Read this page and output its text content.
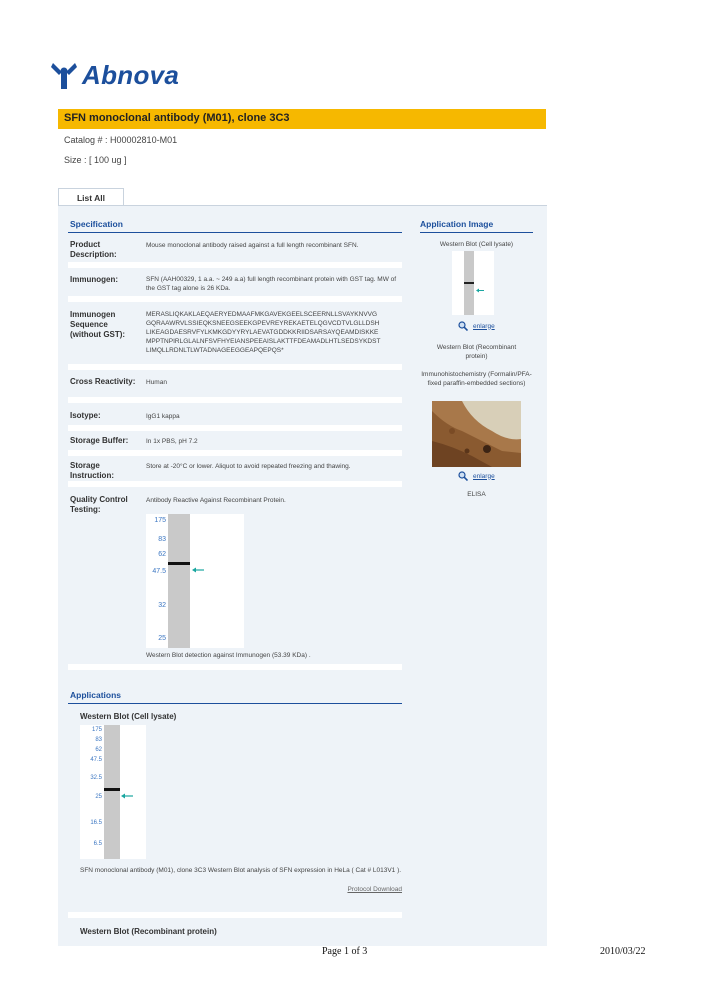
Abnova
SFN monoclonal antibody (M01), clone 3C3
Catalog # : H00002810-M01
Size : [ 100 ug ]
List All
Specification
Product Description:
Mouse monoclonal antibody raised against a full length recombinant SFN.
Immunogen:	SFN (AAH00329, 1 a.a. ~ 249 a.a) full length recombinant protein with GST tag. MW of the GST tag alone is 26 KDa.
Immunogen Sequence (without GST):
MERASLIQKAKLAEQAERYEDMAAFMKGAVEKGEELSCEERNLLSVAYKNVVGGQRAAWRVLSSIEQKSNEEGSEEKGPEVREYREKAETELQGVCDTVLGLLDSHLIKEAGDAESRVFYLKMKGDYYRYLAEVATGDDKKRIIDSARSAYQEAMDISKKEMPPTNPIRLGLALNFSVFHYEIANSPEEAISLAKTTFDEAMADLHTLSEDSYKDSTLIMQLLRDNLTLWTADNAGEEGGEAPQEPQS*
Cross Reactivity:	Human
Isotype:	IgG1 kappa
Storage Buffer:	In 1x PBS, pH 7.2
Storage Instruction:
Store at -20°C or lower. Aliquot to avoid repeated freezing and thawing.
Quality Control Testing:
Antibody Reactive Against Recombinant Protein.
175
83
62
47.5
32
25
Western Blot detection against Immunogen (53.39 KDa) .
Application Image
Western Blot (Cell lysate)
enlarge
Western Blot (Recombinant protein)
Immunohistochemistry (Formalin/PFA-fixed paraffin-embedded sections)
enlarge
ELISA
Applications
Western Blot (Cell lysate)
175
83
62
47.5
32.5
25
16.5
6.5
SFN monoclonal antibody (M01), clone 3C3 Western Blot analysis of SFN expression in HeLa ( Cat # L013V1 ).
Protocol Download
Western Blot (Recombinant protein)
Page 1 of 3	2010/03/22
